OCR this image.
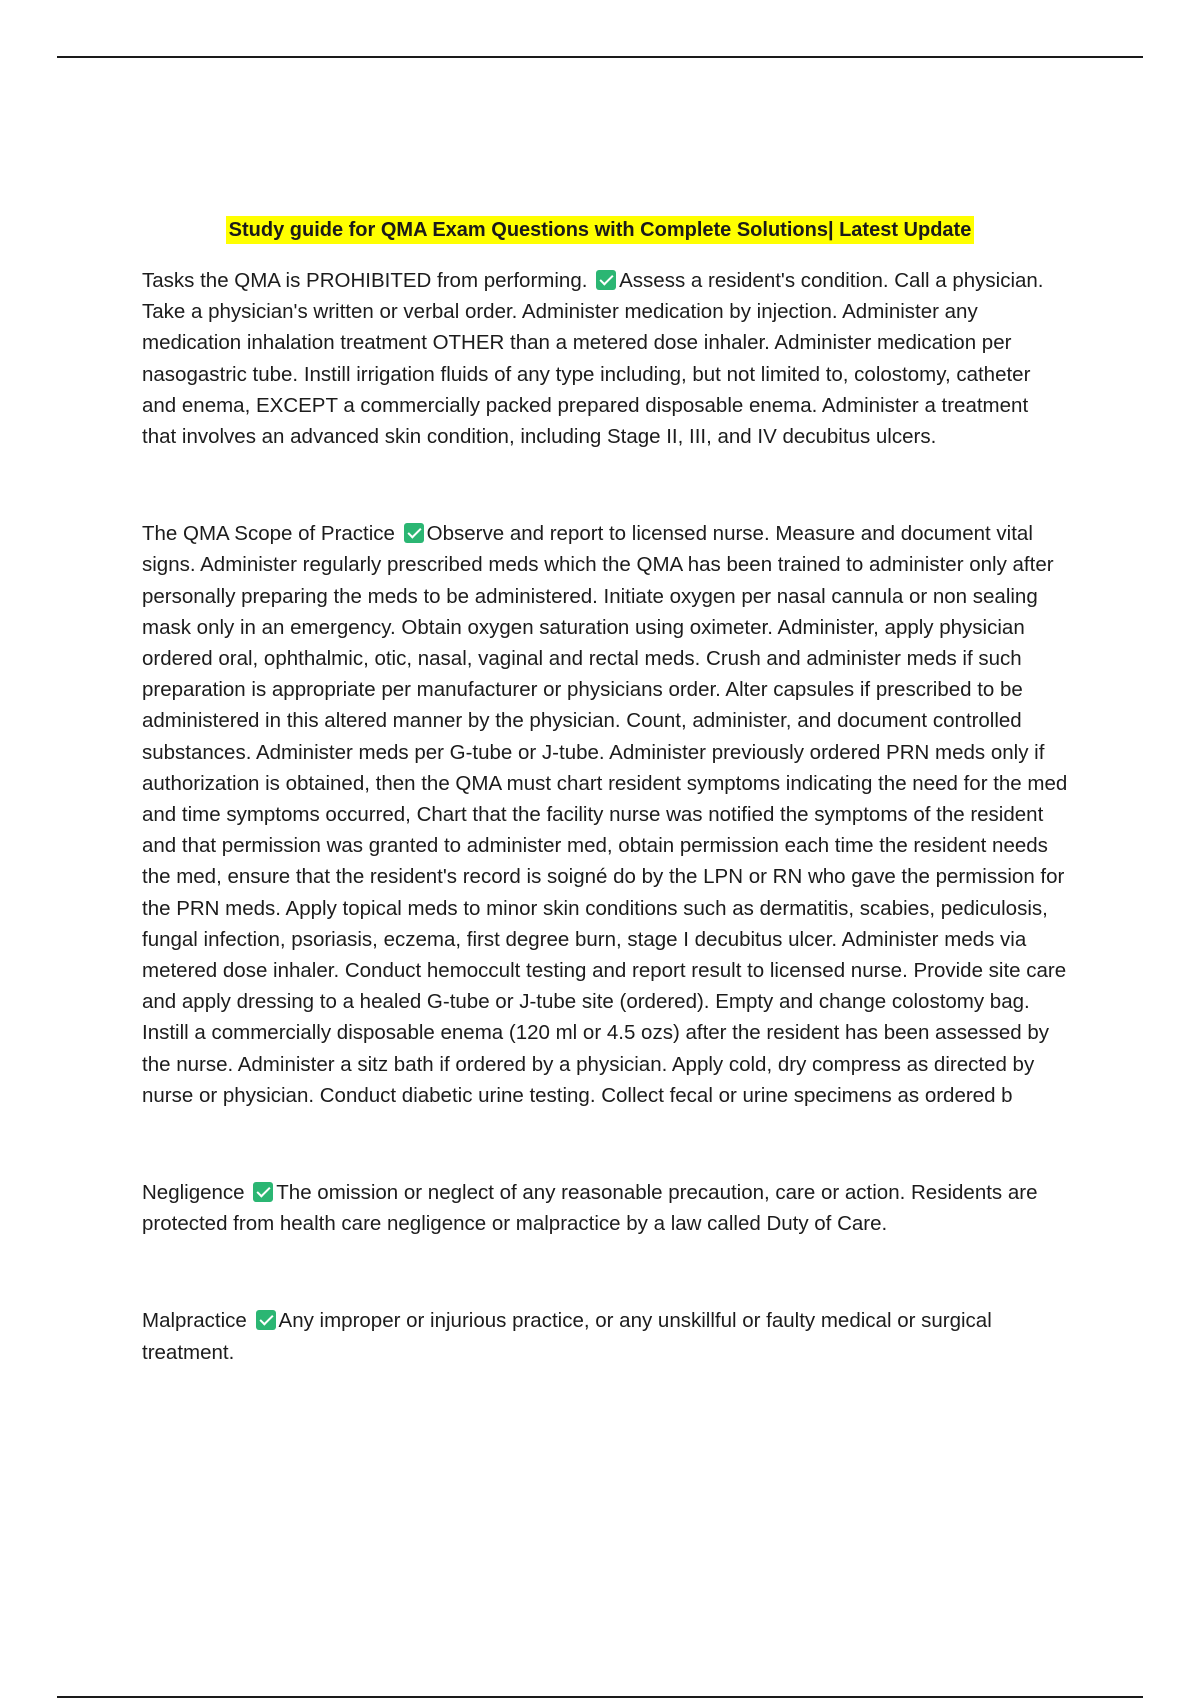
Study guide for QMA Exam Questions with Complete Solutions| Latest Update

Tasks the QMA is PROHIBITED from performing. Assess a resident's condition. Call a physician. Take a physician's written or verbal order. Administer medication by injection. Administer any medication inhalation treatment OTHER than a metered dose inhaler. Administer medication per nasogastric tube. Instill irrigation fluids of any type including, but not limited to, colostomy, catheter and enema, EXCEPT a commercially packed prepared disposable enema. Administer a treatment that involves an advanced skin condition, including Stage II, III, and IV decubitus ulcers.

The QMA Scope of Practice Observe and report to licensed nurse. Measure and document vital signs. Administer regularly prescribed meds which the QMA has been trained to administer only after personally preparing the meds to be administered. Initiate oxygen per nasal cannula or non sealing mask only in an emergency. Obtain oxygen saturation using oximeter. Administer, apply physician ordered oral, ophthalmic, otic, nasal, vaginal and rectal meds. Crush and administer meds if such preparation is appropriate per manufacturer or physicians order. Alter capsules if prescribed to be administered in this altered manner by the physician. Count, administer, and document controlled substances. Administer meds per G-tube or J-tube. Administer previously ordered PRN meds only if authorization is obtained, then the QMA must chart resident symptoms indicating the need for the med and time symptoms occurred, Chart that the facility nurse was notified the symptoms of the resident and that permission was granted to administer med, obtain permission each time the resident needs the med, ensure that the resident's record is soigné do by the LPN or RN who gave the permission for the PRN meds. Apply topical meds to minor skin conditions such as dermatitis, scabies, pediculosis, fungal infection, psoriasis, eczema, first degree burn, stage I decubitus ulcer. Administer meds via metered dose inhaler. Conduct hemoccult testing and report result to licensed nurse. Provide site care and apply dressing to a healed G-tube or J-tube site (ordered). Empty and change colostomy bag. Instill a commercially disposable enema (120 ml or 4.5 ozs) after the resident has been assessed by the nurse. Administer a sitz bath if ordered by a physician. Apply cold, dry compress as directed by nurse or physician. Conduct diabetic urine testing. Collect fecal or urine specimens as ordered b

Negligence The omission or neglect of any reasonable precaution, care or action. Residents are protected from health care negligence or malpractice by a law called Duty of Care.

Malpractice Any improper or injurious practice, or any unskillful or faulty medical or surgical treatment.
